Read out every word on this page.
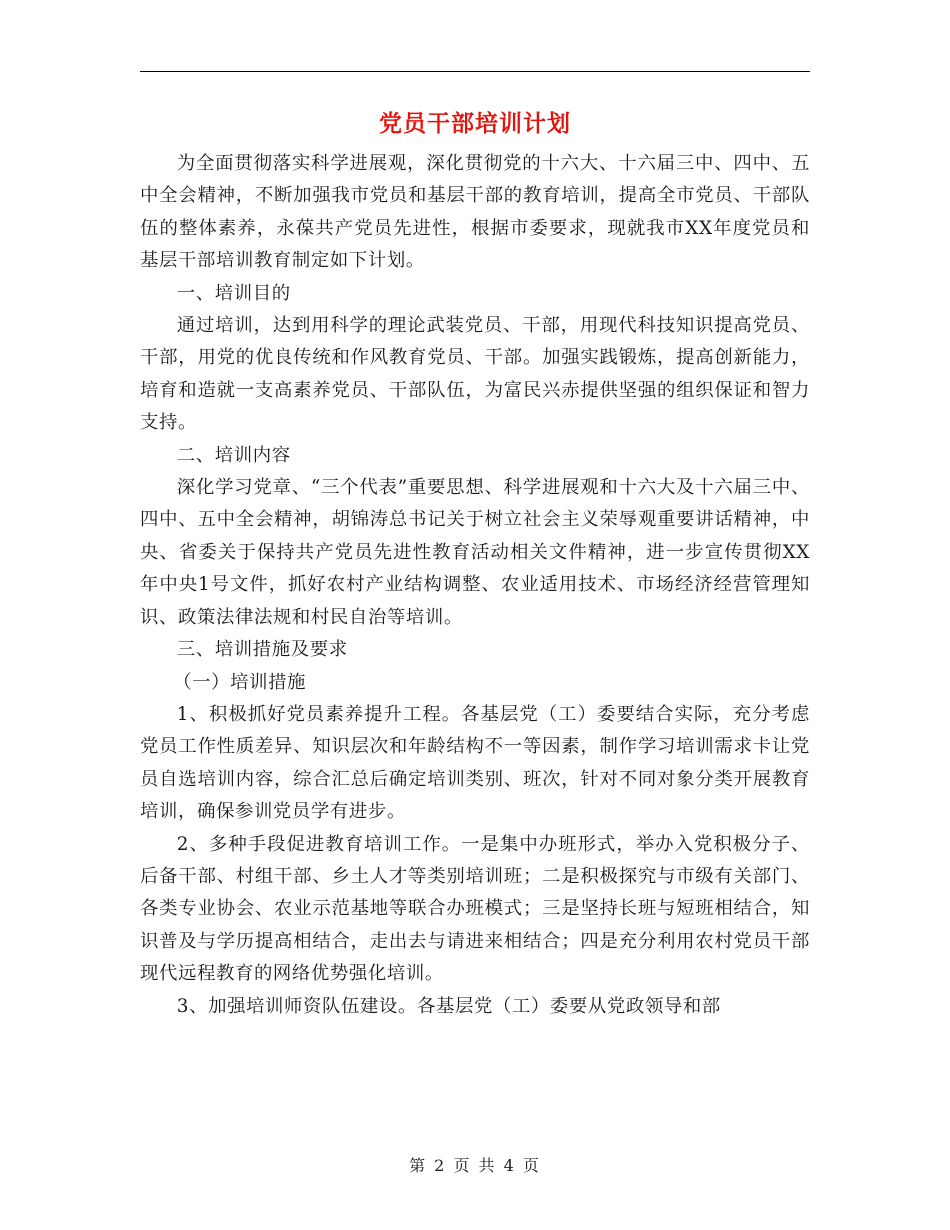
党员干部培训计划

为全面贯彻落实科学进展观，深化贯彻党的十六大、十六届三中、四中、五中全会精神，不断加强我市党员和基层干部的教育培训，提高全市党员、干部队伍的整体素养，永葆共产党员先进性，根据市委要求，现就我市XX年度党员和基层干部培训教育制定如下计划。

一、培训目的

通过培训，达到用科学的理论武装党员、干部，用现代科技知识提高党员、干部，用党的优良传统和作风教育党员、干部。加强实践锻炼，提高创新能力，培育和造就一支高素养党员、干部队伍，为富民兴赤提供坚强的组织保证和智力支持。

二、培训内容

深化学习党章、“三个代表”重要思想、科学进展观和十六大及十六届三中、四中、五中全会精神，胡锦涛总书记关于树立社会主义荣辱观重要讲话精神，中央、省委关于保持共产党员先进性教育活动相关文件精神，进一步宣传贯彻XX年中央1号文件，抓好农村产业结构调整、农业适用技术、市场经济经营管理知识、政策法律法规和村民自治等培训。

三、培训措施及要求

（一）培训措施

1、积极抓好党员素养提升工程。各基层党（工）委要结合实际，充分考虑党员工作性质差异、知识层次和年龄结构不一等因素，制作学习培训需求卡让党员自选培训内容，综合汇总后确定培训类别、班次，针对不同对象分类开展教育培训，确保参训党员学有进步。

2、多种手段促进教育培训工作。一是集中办班形式，举办入党积极分子、后备干部、村组干部、乡土人才等类别培训班；二是积极探究与市级有关部门、各类专业协会、农业示范基地等联合办班模式；三是坚持长班与短班相结合，知识普及与学历提高相结合，走出去与请进来相结合；四是充分利用农村党员干部现代远程教育的网络优势强化培训。

3、加强培训师资队伍建设。各基层党（工）委要从党政领导和部

第 2 页 共 4 页
